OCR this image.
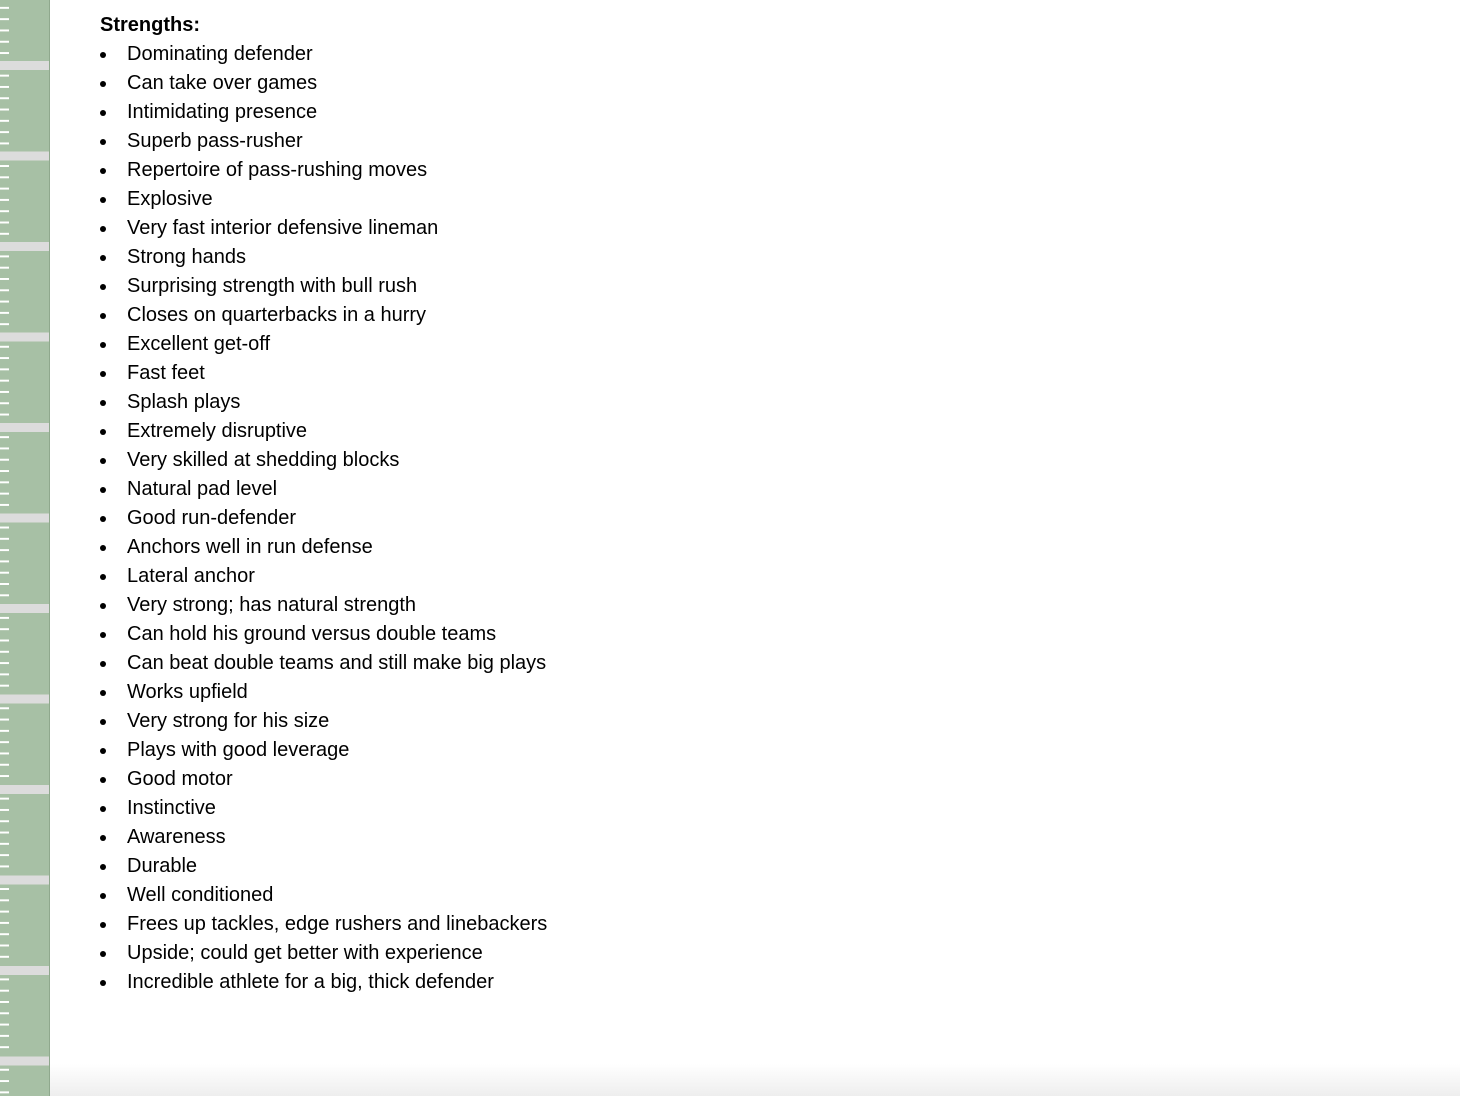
Strengths:

Dominating defender
Can take over games
Intimidating presence
Superb pass-rusher
Repertoire of pass-rushing moves
Explosive
Very fast interior defensive lineman
Strong hands
Surprising strength with bull rush
Closes on quarterbacks in a hurry
Excellent get-off
Fast feet
Splash plays
Extremely disruptive
Very skilled at shedding blocks
Natural pad level
Good run-defender
Anchors well in run defense
Lateral anchor
Very strong; has natural strength
Can hold his ground versus double teams
Can beat double teams and still make big plays
Works upfield
Very strong for his size
Plays with good leverage
Good motor
Instinctive
Awareness
Durable
Well conditioned
Frees up tackles, edge rushers and linebackers
Upside; could get better with experience
Incredible athlete for a big, thick defender
